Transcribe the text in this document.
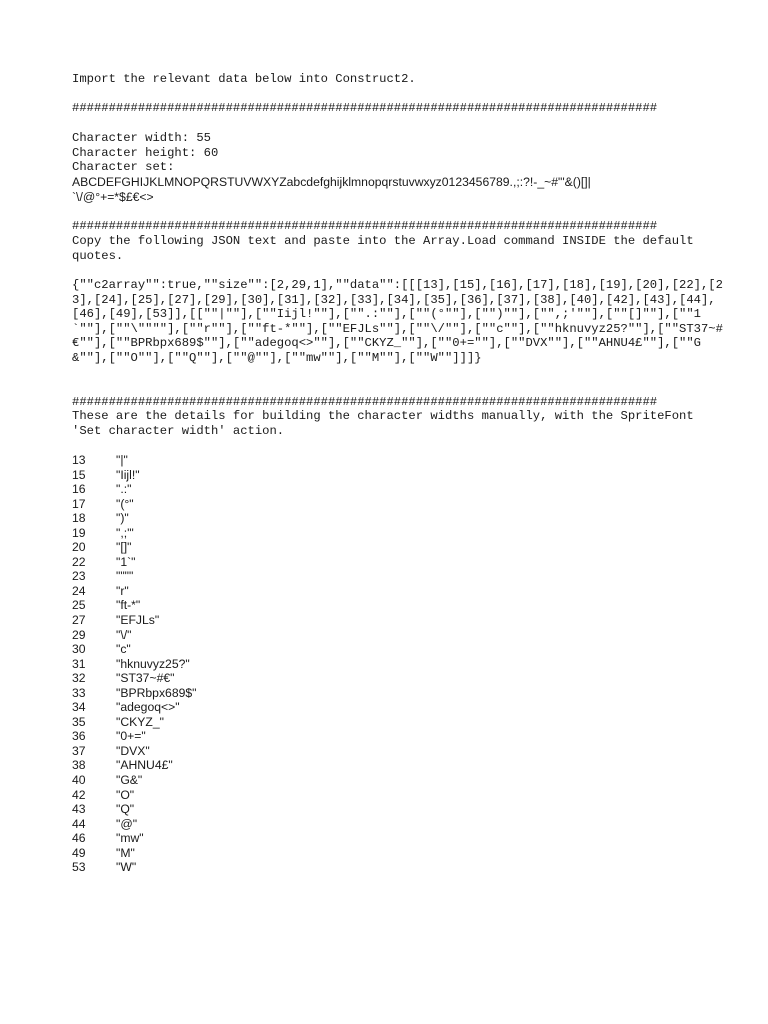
Import the relevant data below into Construct2.

################################################################################

Character width: 55

Character height: 60

Character set:

ABCDEFGHIJKLMNOPQRSTUVWXYZabcdefghijklmnopqrstuvwxyz0123456789.,;:?!-_~#"'&()[]|

`\/@°+=*$£€<>

################################################################################

Copy the following JSON text and paste into the Array.Load command INSIDE the default quotes.

{""c2array"":true,""size"":[2,29,1],""data"":[[[13],[15],[16],[17],[18],[19],[20],[22],[23],[24],[25],[27],[29],[30],[31],[32],[33],[34],[35],[36],[37],[38],[40],[42],[43],[44],[46],[49],[53]],[[""|""],[""Iijl!""],["".:""],[""(°""],["")""],["",;'""],[""[]""],[""1`""],[""\""""],[""r""],[""ft-*""],[""EFJLs""],[""\/""],[""c""],[""hknuvyz25?""],[""ST37~#€""],[""BPRbpx689$""],[""adegoq<>""],[""CKYZ_""],[""0+=""],[""DVX""],[""AHNU4£""],[""G&""],[""O""],[""Q""],[""@""],[""mw""],[""M""],[""W""]]]}

################################################################################

These are the details for building the character widths manually, with the SpriteFont  'Set character width' action.

13	"|"
15	"Iijl!"
16	".:"
17	"(°"
18	")"
19	",;'"
20	"[]"
22	"1`"
23	""""
24	"r"
25	"ft-*"
27	"EFJLs"
29	"\/"
30	"c"
31	"hknuvyz25?"
32	"ST37~#€"
33	"BPRbpx689$"
34	"adegoq<>"
35	"CKYZ_"
36	"0+="
37	"DVX"
38	"AHNU4£"
40	"G&"
42	"O"
43	"Q"
44	"@"
46	"mw"
49	"M"
53	"W"
